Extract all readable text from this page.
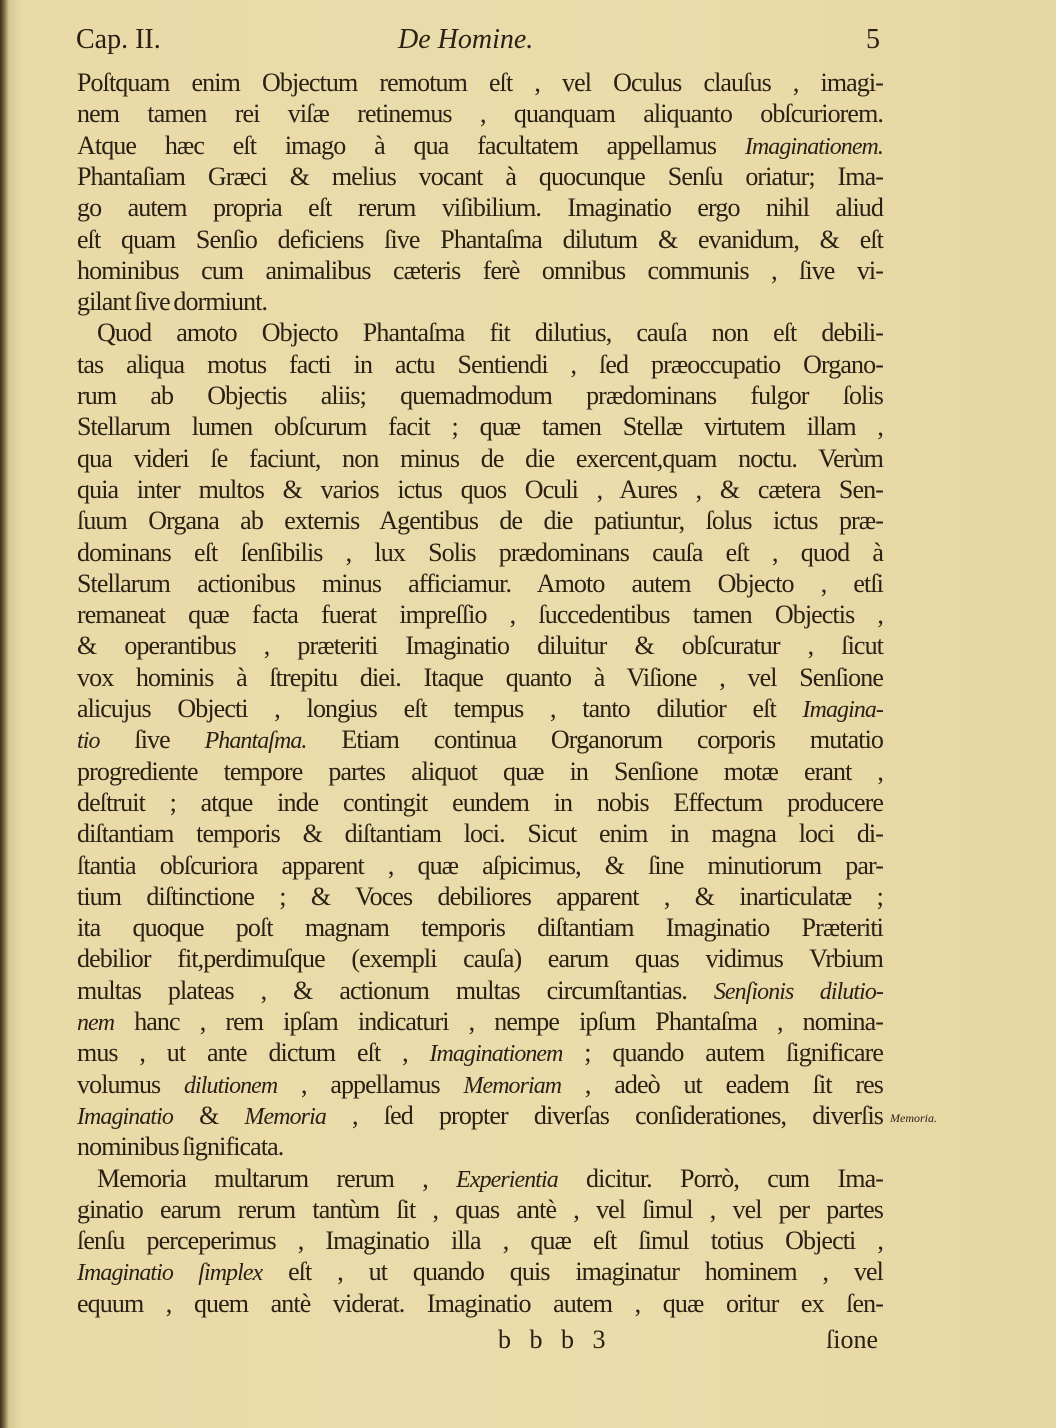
Cap. II.	De Homine.	5
Poſtquam enim Objectum remotum eſt , vel Oculus clauſus , imagi-
nem tamen rei viſæ retinemus , quanquam aliquanto obſcuriorem.
Atque hæc eſt imago à qua facultatem appellamus Imaginationem.
Phantaſiam Græci & melius vocant à quocunque Senſu oriatur; Ima-
go autem propria eſt rerum viſibilium. Imaginatio ergo nihil aliud
eſt quam Senſio deficiens ſive Phantaſma dilutum & evanidum, & eſt
hominibus cum animalibus cæteris ferè omnibus communis , ſive vi-
gilant ſive dormiunt.
Quod amoto Objecto Phantaſma fit dilutius, cauſa non eſt debili-
tas aliqua motus facti in actu Sentiendi , ſed præoccupatio Organo-
rum ab Objectis aliis; quemadmodum prædominans fulgor ſolis
Stellarum lumen obſcurum facit ; quæ tamen Stellæ virtutem illam ,
qua videri ſe faciunt, non minus de die exercent,quam noctu. Verùm
quia inter multos & varios ictus quos Oculi , Aures , & cætera Sen-
ſuum Organa ab externis Agentibus de die patiuntur, ſolus ictus præ-
dominans eſt ſenſibilis , lux Solis prædominans cauſa eſt , quod à
Stellarum actionibus minus afficiamur. Amoto autem Objecto , etſi
remaneat quæ facta fuerat impreſſio , ſuccedentibus tamen Objectis ,
& operantibus , præteriti Imaginatio diluitur & obſcuratur , ſicut
vox hominis à ſtrepitu diei. Itaque quanto à Viſione , vel Senſione
alicujus Objecti , longius eſt tempus , tanto dilutior eſt Imagina-
tio ſive Phantaſma. Etiam continua Organorum corporis mutatio
progrediente tempore partes aliquot quæ in Senſione motæ erant ,
deſtruit ; atque inde contingit eundem in nobis Effectum producere
diſtantiam temporis & diſtantiam loci. Sicut enim in magna loci di-
ſtantia obſcuriora apparent , quæ aſpicimus, & ſine minutiorum par-
tium diſtinctione ; & Voces debiliores apparent , & inarticulatæ ;
ita quoque poſt magnam temporis diſtantiam Imaginatio Præteriti
debilior fit,perdimuſque (exempli cauſa) earum quas vidimus Vrbium
multas plateas , & actionum multas circumſtantias. Senſionis dilutio-
nem hanc , rem ipſam indicaturi , nempe ipſum Phantaſma , nomina-
mus , ut ante dictum eſt , Imaginationem ; quando autem ſignificare
volumus dilutionem , appellamus Memoriam , adeò ut eadem ſit res
Imaginatio & Memoria , ſed propter diverſas conſiderationes, diverſis
nominibus ſignificata.
Memoria multarum rerum , Experientia dicitur. Porrò, cum Ima-
ginatio earum rerum tantùm ſit , quas antè , vel ſimul , vel per partes
ſenſu perceperimus , Imaginatio illa , quæ eſt ſimul totius Objecti ,
Imaginatio ſimplex eſt , ut quando quis imaginatur hominem , vel
equum , quem antè viderat. Imaginatio autem , quæ oritur ex ſen-
Memoria.
b b b 3	ſione
